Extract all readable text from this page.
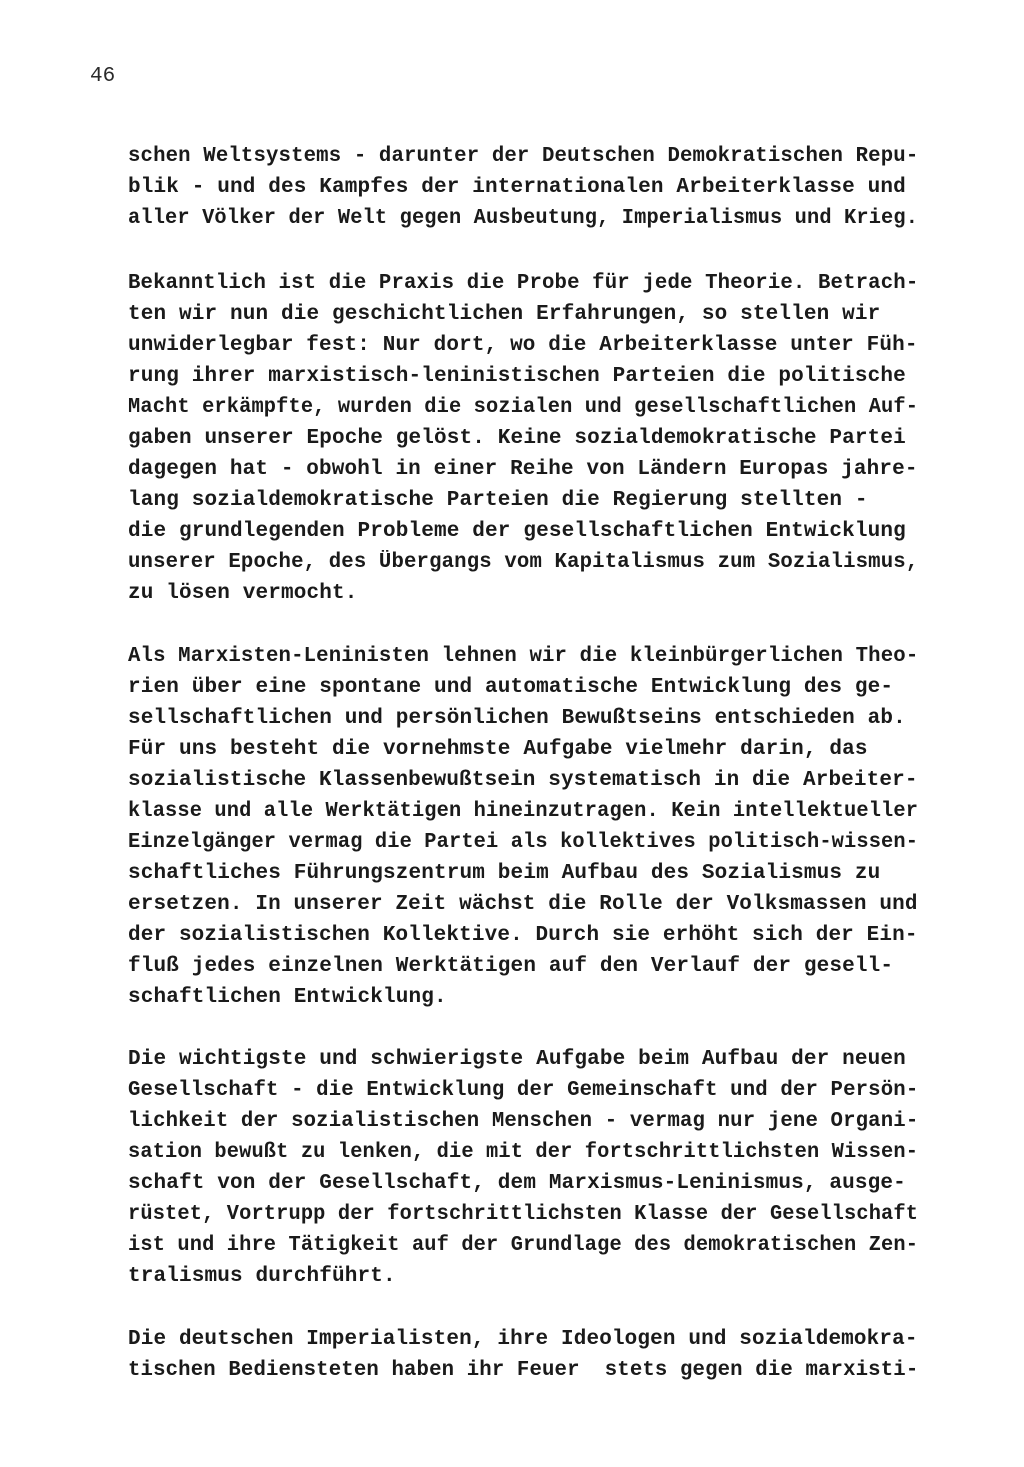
46
schen Weltsystems - darunter der Deutschen Demokratischen Repu-
blik - und des Kampfes der internationalen Arbeiterklasse und
aller Völker der Welt gegen Ausbeutung, Imperialismus und Krieg.
Bekanntlich ist die Praxis die Probe für jede Theorie. Betrach-
ten wir nun die geschichtlichen Erfahrungen, so stellen wir
unwiderlegbar fest: Nur dort, wo die Arbeiterklasse unter Füh-
rung ihrer marxistisch-leninistischen Parteien die politische
Macht erkämpfte, wurden die sozialen und gesellschaftlichen Auf-
gaben unserer Epoche gelöst. Keine sozialdemokratische Partei
dagegen hat - obwohl in einer Reihe von Ländern Europas jahre-
lang sozialdemokratische Parteien die Regierung stellten -
die grundlegenden Probleme der gesellschaftlichen Entwicklung
unserer Epoche, des Übergangs vom Kapitalismus zum Sozialismus,
zu lösen vermocht.
Als Marxisten-Leninisten lehnen wir die kleinbürgerlichen Theo-
rien über eine spontane und automatische Entwicklung des ge-
sellschaftlichen und persönlichen Bewußtseins entschieden ab.
Für uns besteht die vornehmste Aufgabe vielmehr darin, das
sozialistische Klassenbewußtsein systematisch in die Arbeiter-
klasse und alle Werktätigen hineinzutragen. Kein intellektueller
Einzelgänger vermag die Partei als kollektives politisch-wissen-
schaftliches Führungszentrum beim Aufbau des Sozialismus zu
ersetzen. In unserer Zeit wächst die Rolle der Volksmassen und
der sozialistischen Kollektive. Durch sie erhöht sich der Ein-
fluß jedes einzelnen Werktätigen auf den Verlauf der gesell-
schaftlichen Entwicklung.
Die wichtigste und schwierigste Aufgabe beim Aufbau der neuen
Gesellschaft - die Entwicklung der Gemeinschaft und der Persön-
lichkeit der sozialistischen Menschen - vermag nur jene Organi-
sation bewußt zu lenken, die mit der fortschrittlichsten Wissen-
schaft von der Gesellschaft, dem Marxismus-Leninismus, ausge-
rüstet, Vortrupp der fortschrittlichsten Klasse der Gesellschaft
ist und ihre Tätigkeit auf der Grundlage des demokratischen Zen-
tralismus durchführt.
Die deutschen Imperialisten, ihre Ideologen und sozialdemokra-
tischen Bediensteten haben ihr Feuer  stets gegen die marxisti-
